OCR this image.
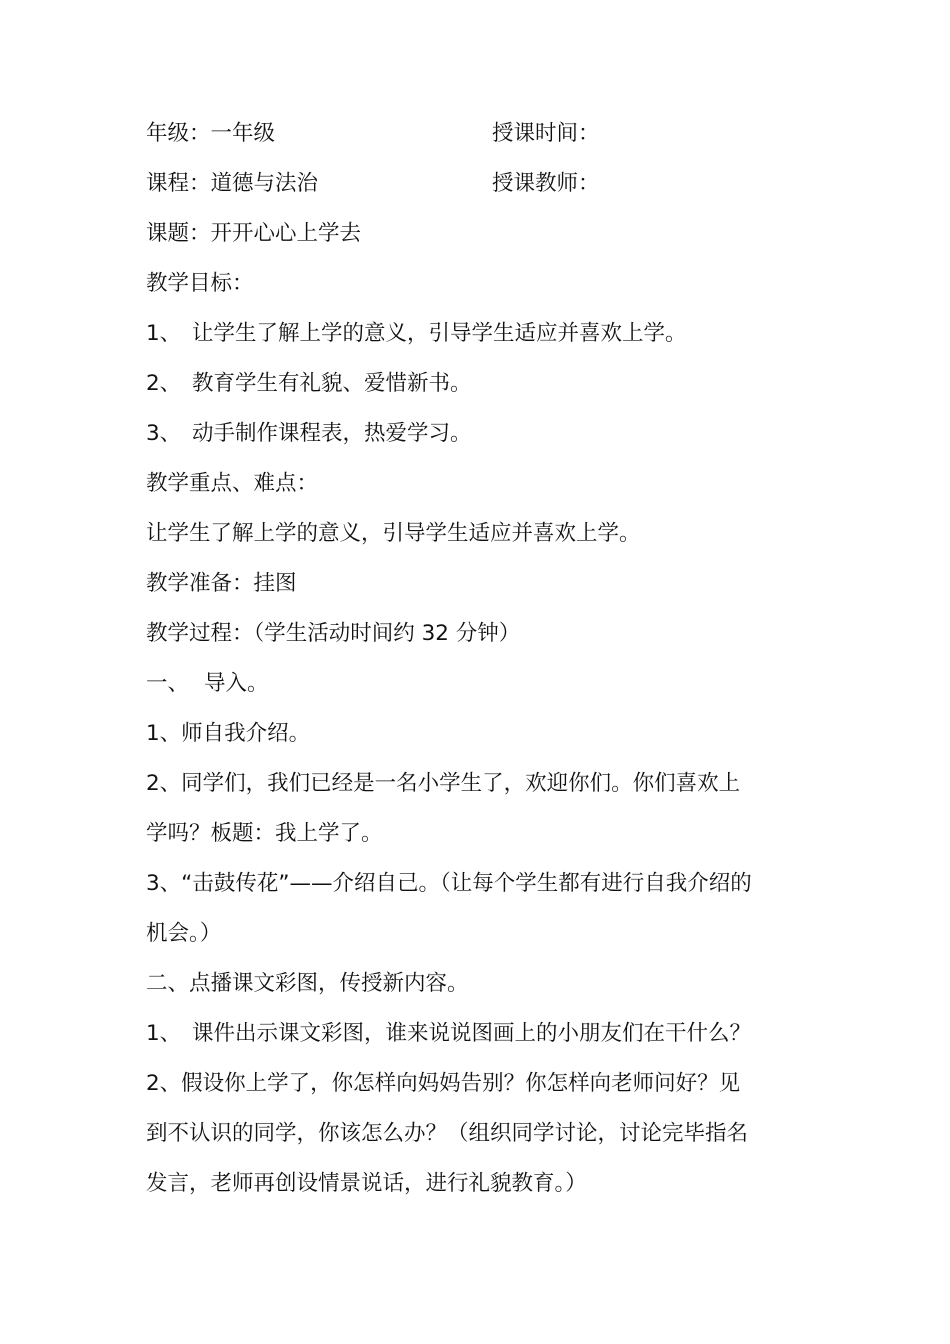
年级：一年级	授课时间：
课程：道德与法治	授课教师：
课题：开开心心上学去
教学目标：
1、 让学生了解上学的意义，引导学生适应并喜欢上学。
2、 教育学生有礼貌、爱惜新书。
3、 动手制作课程表，热爱学习。
教学重点、难点：
让学生了解上学的意义，引导学生适应并喜欢上学。
教学准备：挂图
教学过程：（学生活动时间约 32 分钟）
一、 导入。
1、师自我介绍。
2、同学们，我们已经是一名小学生了，欢迎你们。你们喜欢上
学吗？板题：我上学了。
3、“击鼓传花”——介绍自己。（让每个学生都有进行自我介绍的
机会。）
二、点播课文彩图，传授新内容。
1、 课件出示课文彩图，谁来说说图画上的小朋友们在干什么？
2、假设你上学了，你怎样向妈妈告别？你怎样向老师问好？见
到不认识的同学，你该怎么办？（组织同学讨论，讨论完毕指名
发言，老师再创设情景说话，进行礼貌教育。）
